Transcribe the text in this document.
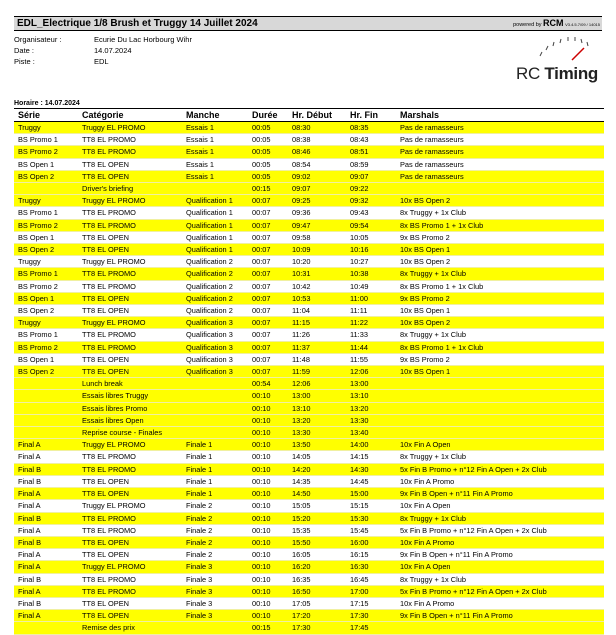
EDL_Electrique 1/8 Brush et Truggy 14 Juillet 2024	powered by RCM V3.4.5.7/09 / 14015
Organisateur :	Ecurie Du Lac Horbourg Wihr
Date :	14.07.2024
Piste :	EDL
RC Timing
Horaire : 14.07.2024
Série	Catégorie	Manche	Durée	Hr. Début	Hr. Fin	Marshals
Truggy	Truggy EL PROMO	Essais 1	00:05	08:30	08:35	Pas de ramasseurs
BS Promo 1	TT8 EL PROMO	Essais 1	00:05	08:38	08:43	Pas de ramasseurs
BS Promo 2	TT8 EL PROMO	Essais 1	00:05	08:46	08:51	Pas de ramasseurs
BS Open 1	TT8 EL OPEN	Essais 1	00:05	08:54	08:59	Pas de ramasseurs
BS Open 2	TT8 EL OPEN	Essais 1	00:05	09:02	09:07	Pas de ramasseurs
	Driver's briefing		00:15	09:07	09:22	
Truggy	Truggy EL PROMO	Qualification 1	00:07	09:25	09:32	10x BS Open 2
BS Promo 1	TT8 EL PROMO	Qualification 1	00:07	09:36	09:43	8x Truggy + 1x Club
BS Promo 2	TT8 EL PROMO	Qualification 1	00:07	09:47	09:54	8x BS Promo 1 + 1x Club
BS Open 1	TT8 EL OPEN	Qualification 1	00:07	09:58	10:05	9x BS Promo 2
BS Open 2	TT8 EL OPEN	Qualification 1	00:07	10:09	10:16	10x BS Open 1
Truggy	Truggy EL PROMO	Qualification 2	00:07	10:20	10:27	10x BS Open 2
BS Promo 1	TT8 EL PROMO	Qualification 2	00:07	10:31	10:38	8x Truggy + 1x Club
BS Promo 2	TT8 EL PROMO	Qualification 2	00:07	10:42	10:49	8x BS Promo 1 + 1x Club
BS Open 1	TT8 EL OPEN	Qualification 2	00:07	10:53	11:00	9x BS Promo 2
BS Open 2	TT8 EL OPEN	Qualification 2	00:07	11:04	11:11	10x BS Open 1
Truggy	Truggy EL PROMO	Qualification 3	00:07	11:15	11:22	10x BS Open 2
BS Promo 1	TT8 EL PROMO	Qualification 3	00:07	11:26	11:33	8x Truggy + 1x Club
BS Promo 2	TT8 EL PROMO	Qualification 3	00:07	11:37	11:44	8x BS Promo 1 + 1x Club
BS Open 1	TT8 EL OPEN	Qualification 3	00:07	11:48	11:55	9x BS Promo 2
BS Open 2	TT8 EL OPEN	Qualification 3	00:07	11:59	12:06	10x BS Open 1
	Lunch break		00:54	12:06	13:00	
	Essais libres Truggy		00:10	13:00	13:10	
	Essais libres Promo		00:10	13:10	13:20	
	Essais libres Open		00:10	13:20	13:30	
	Reprise course - Finales		00:10	13:30	13:40	
Final A	Truggy EL PROMO	Finale 1	00:10	13:50	14:00	10x Fin A Open
Final A	TT8 EL PROMO	Finale 1	00:10	14:05	14:15	8x Truggy + 1x Club
Final B	TT8 EL PROMO	Finale 1	00:10	14:20	14:30	5x Fin B Promo + n°12 Fin A Open + 2x Club
Final B	TT8 EL OPEN	Finale 1	00:10	14:35	14:45	10x Fin A Promo
Final A	TT8 EL OPEN	Finale 1	00:10	14:50	15:00	9x Fin B Open + n°11 Fin A Promo
Final A	Truggy EL PROMO	Finale 2	00:10	15:05	15:15	10x Fin A Open
Final B	TT8 EL PROMO	Finale 2	00:10	15:20	15:30	8x Truggy + 1x Club
Final A	TT8 EL PROMO	Finale 2	00:10	15:35	15:45	5x Fin B Promo + n°12 Fin A Open + 2x Club
Final B	TT8 EL OPEN	Finale 2	00:10	15:50	16:00	10x Fin A Promo
Final A	TT8 EL OPEN	Finale 2	00:10	16:05	16:15	9x Fin B Open + n°11 Fin A Promo
Final A	Truggy EL PROMO	Finale 3	00:10	16:20	16:30	10x Fin A Open
Final B	TT8 EL PROMO	Finale 3	00:10	16:35	16:45	8x Truggy + 1x Club
Final A	TT8 EL PROMO	Finale 3	00:10	16:50	17:00	5x Fin B Promo + n°12 Fin A Open + 2x Club
Final B	TT8 EL OPEN	Finale 3	00:10	17:05	17:15	10x Fin A Promo
Final A	TT8 EL OPEN	Finale 3	00:10	17:20	17:30	9x Fin B Open + n°11 Fin A Promo
	Remise des prix		00:15	17:30	17:45	
